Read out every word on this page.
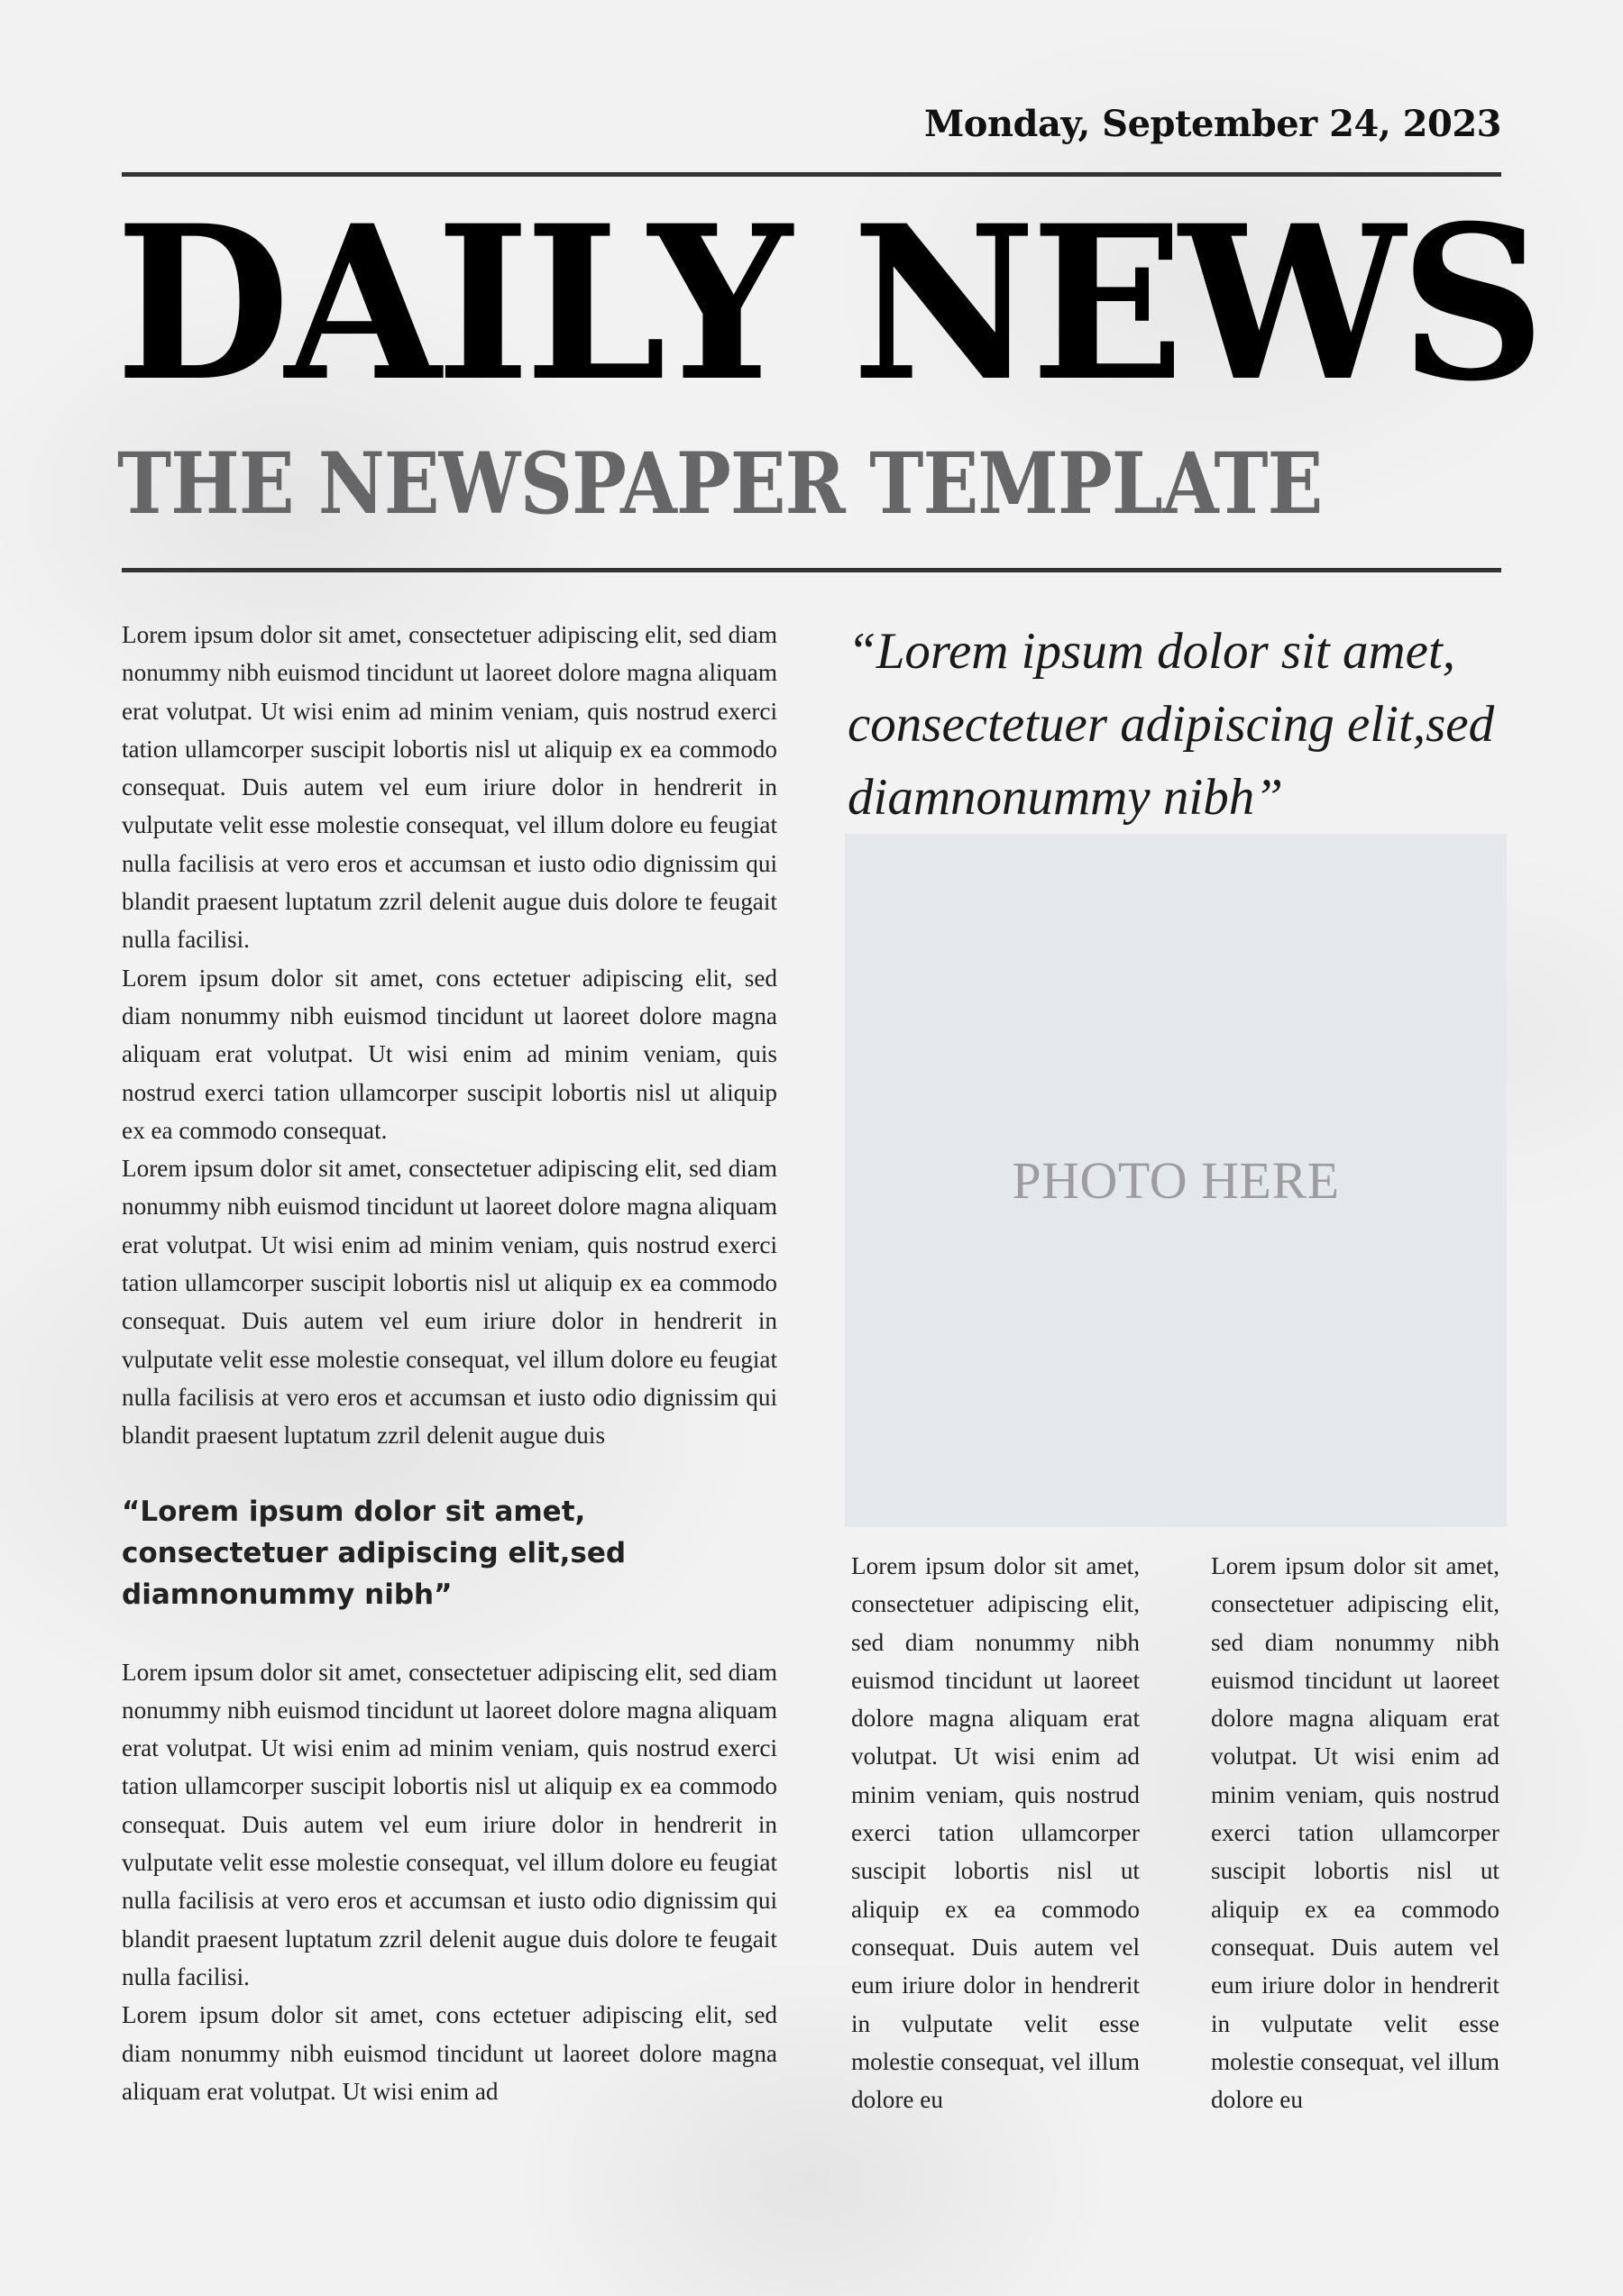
Monday, September 24, 2023
DAILY NEWS
THE NEWSPAPER TEMPLATE

Lorem ipsum dolor sit amet, consectetuer adipiscing elit, sed diam nonummy nibh euismod tincidunt ut laoreet dolore magna aliquam erat volutpat. Ut wisi enim ad minim veniam, quis nostrud exerci tation ullamcorper suscipit lobortis nisl ut aliquip ex ea commodo consequat. Duis autem vel eum iriure dolor in hendrerit in vulputate velit esse molestie consequat, vel illum dolore eu feugiat nulla facilisis at vero eros et accumsan et iusto odio dignissim qui blandit praesent luptatum zzril delenit augue duis dolore te feugait nulla facilisi.

Lorem ipsum dolor sit amet, cons ectetuer adipiscing elit, sed diam nonummy nibh euismod tincidunt ut laoreet dolore magna aliquam erat volutpat. Ut wisi enim ad minim veniam, quis nostrud exerci tation ullamcorper suscipit lobortis nisl ut aliquip ex ea commodo consequat.

Lorem ipsum dolor sit amet, consectetuer adipiscing elit, sed diam nonummy nibh euismod tincidunt ut laoreet dolore magna aliquam erat volutpat. Ut wisi enim ad minim veniam, quis nostrud exerci tation ullamcorper suscipit lobortis nisl ut aliquip ex ea commodo consequat. Duis autem vel eum iriure dolor in hendrerit in vulputate velit esse molestie consequat, vel illum dolore eu feugiat nulla facilisis at vero eros et accumsan et iusto odio dignissim qui blandit praesent luptatum zzril delenit augue duis

“Lorem ipsum dolor sit amet, consectetuer adipiscing elit,sed diamnonummy nibh”

Lorem ipsum dolor sit amet, consectetuer adipiscing elit, sed diam nonummy nibh euismod tincidunt ut laoreet dolore magna aliquam erat volutpat. Ut wisi enim ad minim veniam, quis nostrud exerci tation ullamcorper suscipit lobortis nisl ut aliquip ex ea commodo consequat. Duis autem vel eum iriure dolor in hendrerit in vulputate velit esse molestie consequat, vel illum dolore eu feugiat nulla facilisis at vero eros et accumsan et iusto odio dignissim qui blandit praesent luptatum zzril delenit augue duis dolore te feugait nulla facilisi.

Lorem ipsum dolor sit amet, cons ectetuer adipiscing elit, sed diam nonummy nibh euismod tincidunt ut laoreet dolore magna aliquam erat volutpat. Ut wisi enim ad

“Lorem ipsum dolor sit amet, consectetuer adipiscing elit,sed diamnonummy nibh”
PHOTO HERE

Lorem ipsum dolor sit amet, consectetuer adipiscing elit, sed diam nonummy nibh euismod tincidunt ut laoreet dolore magna aliquam erat volutpat. Ut wisi enim ad minim veniam, quis nostrud exerci tation ullamcorper suscipit lobortis nisl ut aliquip ex ea commodo consequat. Duis autem vel eum iriure dolor in hendrerit in vulputate velit esse molestie consequat, vel illum dolore eu

Lorem ipsum dolor sit amet, consectetuer adipiscing elit, sed diam nonummy nibh euismod tincidunt ut laoreet dolore magna aliquam erat volutpat. Ut wisi enim ad minim veniam, quis nostrud exerci tation ullamcorper suscipit lobortis nisl ut aliquip ex ea commodo consequat. Duis autem vel eum iriure dolor in hendrerit in vulputate velit esse molestie consequat, vel illum dolore eu
